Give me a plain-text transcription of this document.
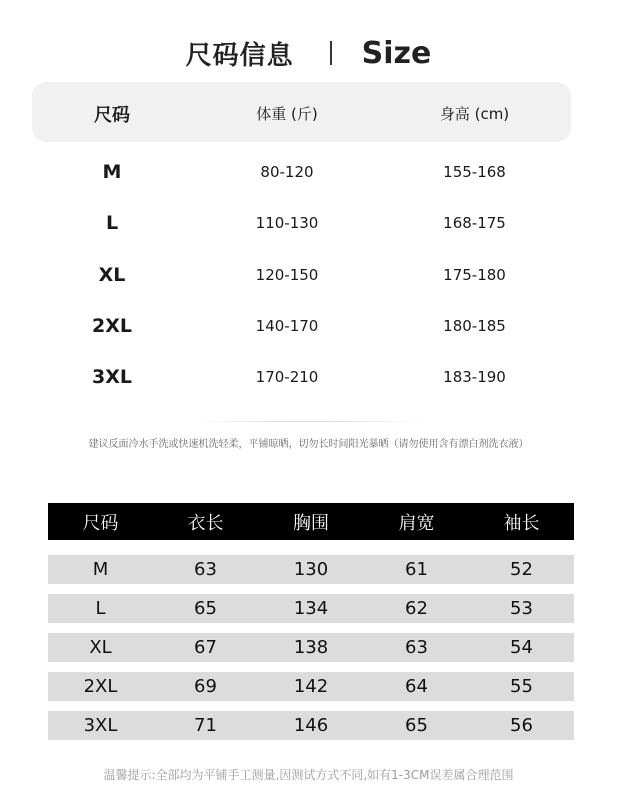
尺码信息 Size
尺码	体重 (斤)	身高 (cm)
M	80-120	155-168
L	110-130	168-175
XL	120-150	175-180
2XL	140-170	180-185
3XL	170-210	183-190
建议反面冷水手洗或快速机洗轻柔，平铺晾晒，切勿长时间阳光暴晒（请勿使用含有漂白剂洗衣液）
尺码	衣长	胸围	肩宽	袖长
M	63	130	61	52
L	65	134	62	53
XL	67	138	63	54
2XL	69	142	64	55
3XL	71	146	65	56
温馨提示:全部均为平铺手工测量,因测试方式不同,如有1-3CM误差属合理范围
